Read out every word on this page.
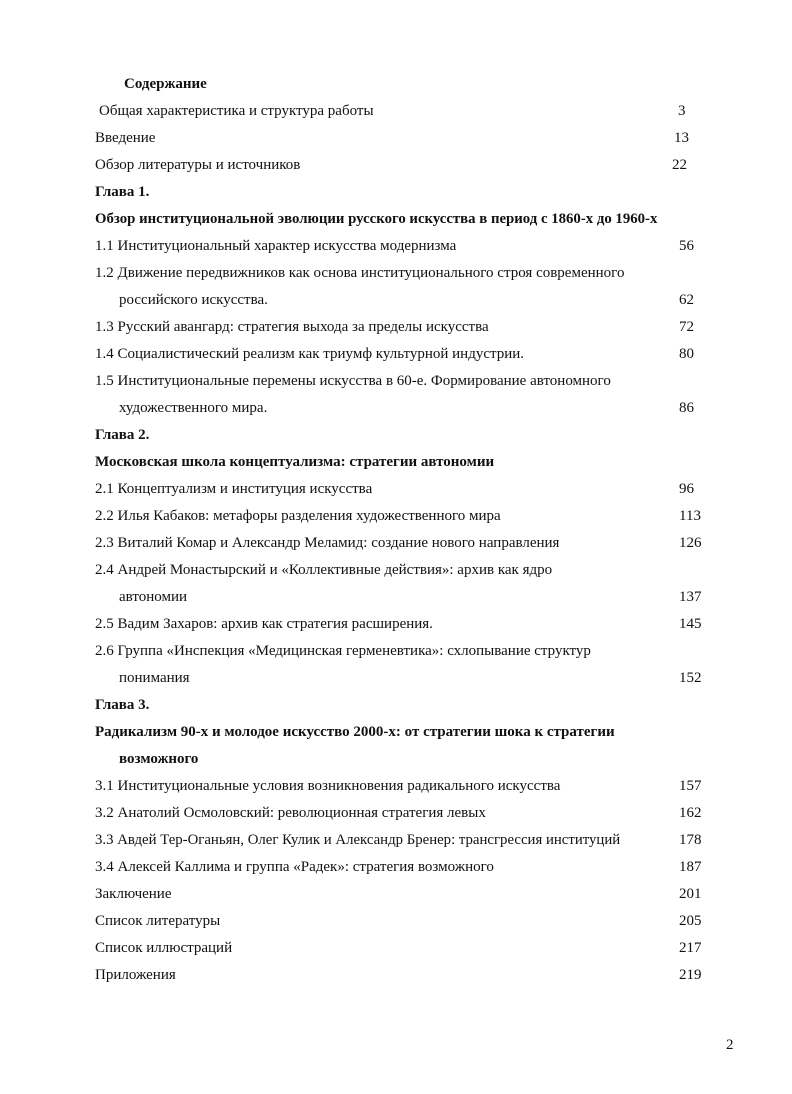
Содержание
Общая характеристика и структура работы	3
Введение	13
Обзор литературы и источников	22
Глава 1.
Обзор институциональной эволюции русского искусства в период с 1860-х до 1960-х
1.1 Институциональный характер искусства модернизма	56
1.2 Движение передвижников как основа институционального строя современного
российского искусства.	62
1.3 Русский авангард: стратегия выхода за пределы искусства	72
1.4 Социалистический реализм как триумф культурной индустрии.	80
1.5 Институциональные перемены искусства в 60-е. Формирование автономного
художественного мира.	86
Глава 2.
Московская школа концептуализма: стратегии автономии
2.1 Концептуализм и институция искусства	96
2.2 Илья Кабаков: метафоры разделения художественного мира	113
2.3 Виталий Комар и Александр Меламид: создание нового направления	126
2.4 Андрей Монастырский и «Коллективные действия»: архив как ядро
автономии	137
2.5 Вадим Захаров: архив как стратегия расширения.	145
2.6 Группа «Инспекция «Медицинская герменевтика»: схлопывание структур
понимания	152
Глава 3.
Радикализм 90-х и молодое искусство 2000-х: от стратегии шока к стратегии
возможного
3.1 Институциональные условия возникновения радикального искусства	157
3.2 Анатолий Осмоловский: революционная стратегия левых	162
3.3 Авдей Тер-Оганьян, Олег Кулик и Александр Бренер: трансгрессия институций	178
3.4 Алексей Каллима и группа «Радек»: стратегия возможного	187
Заключение	201
Список литературы	205
Список иллюстраций	217
Приложения	219
2
